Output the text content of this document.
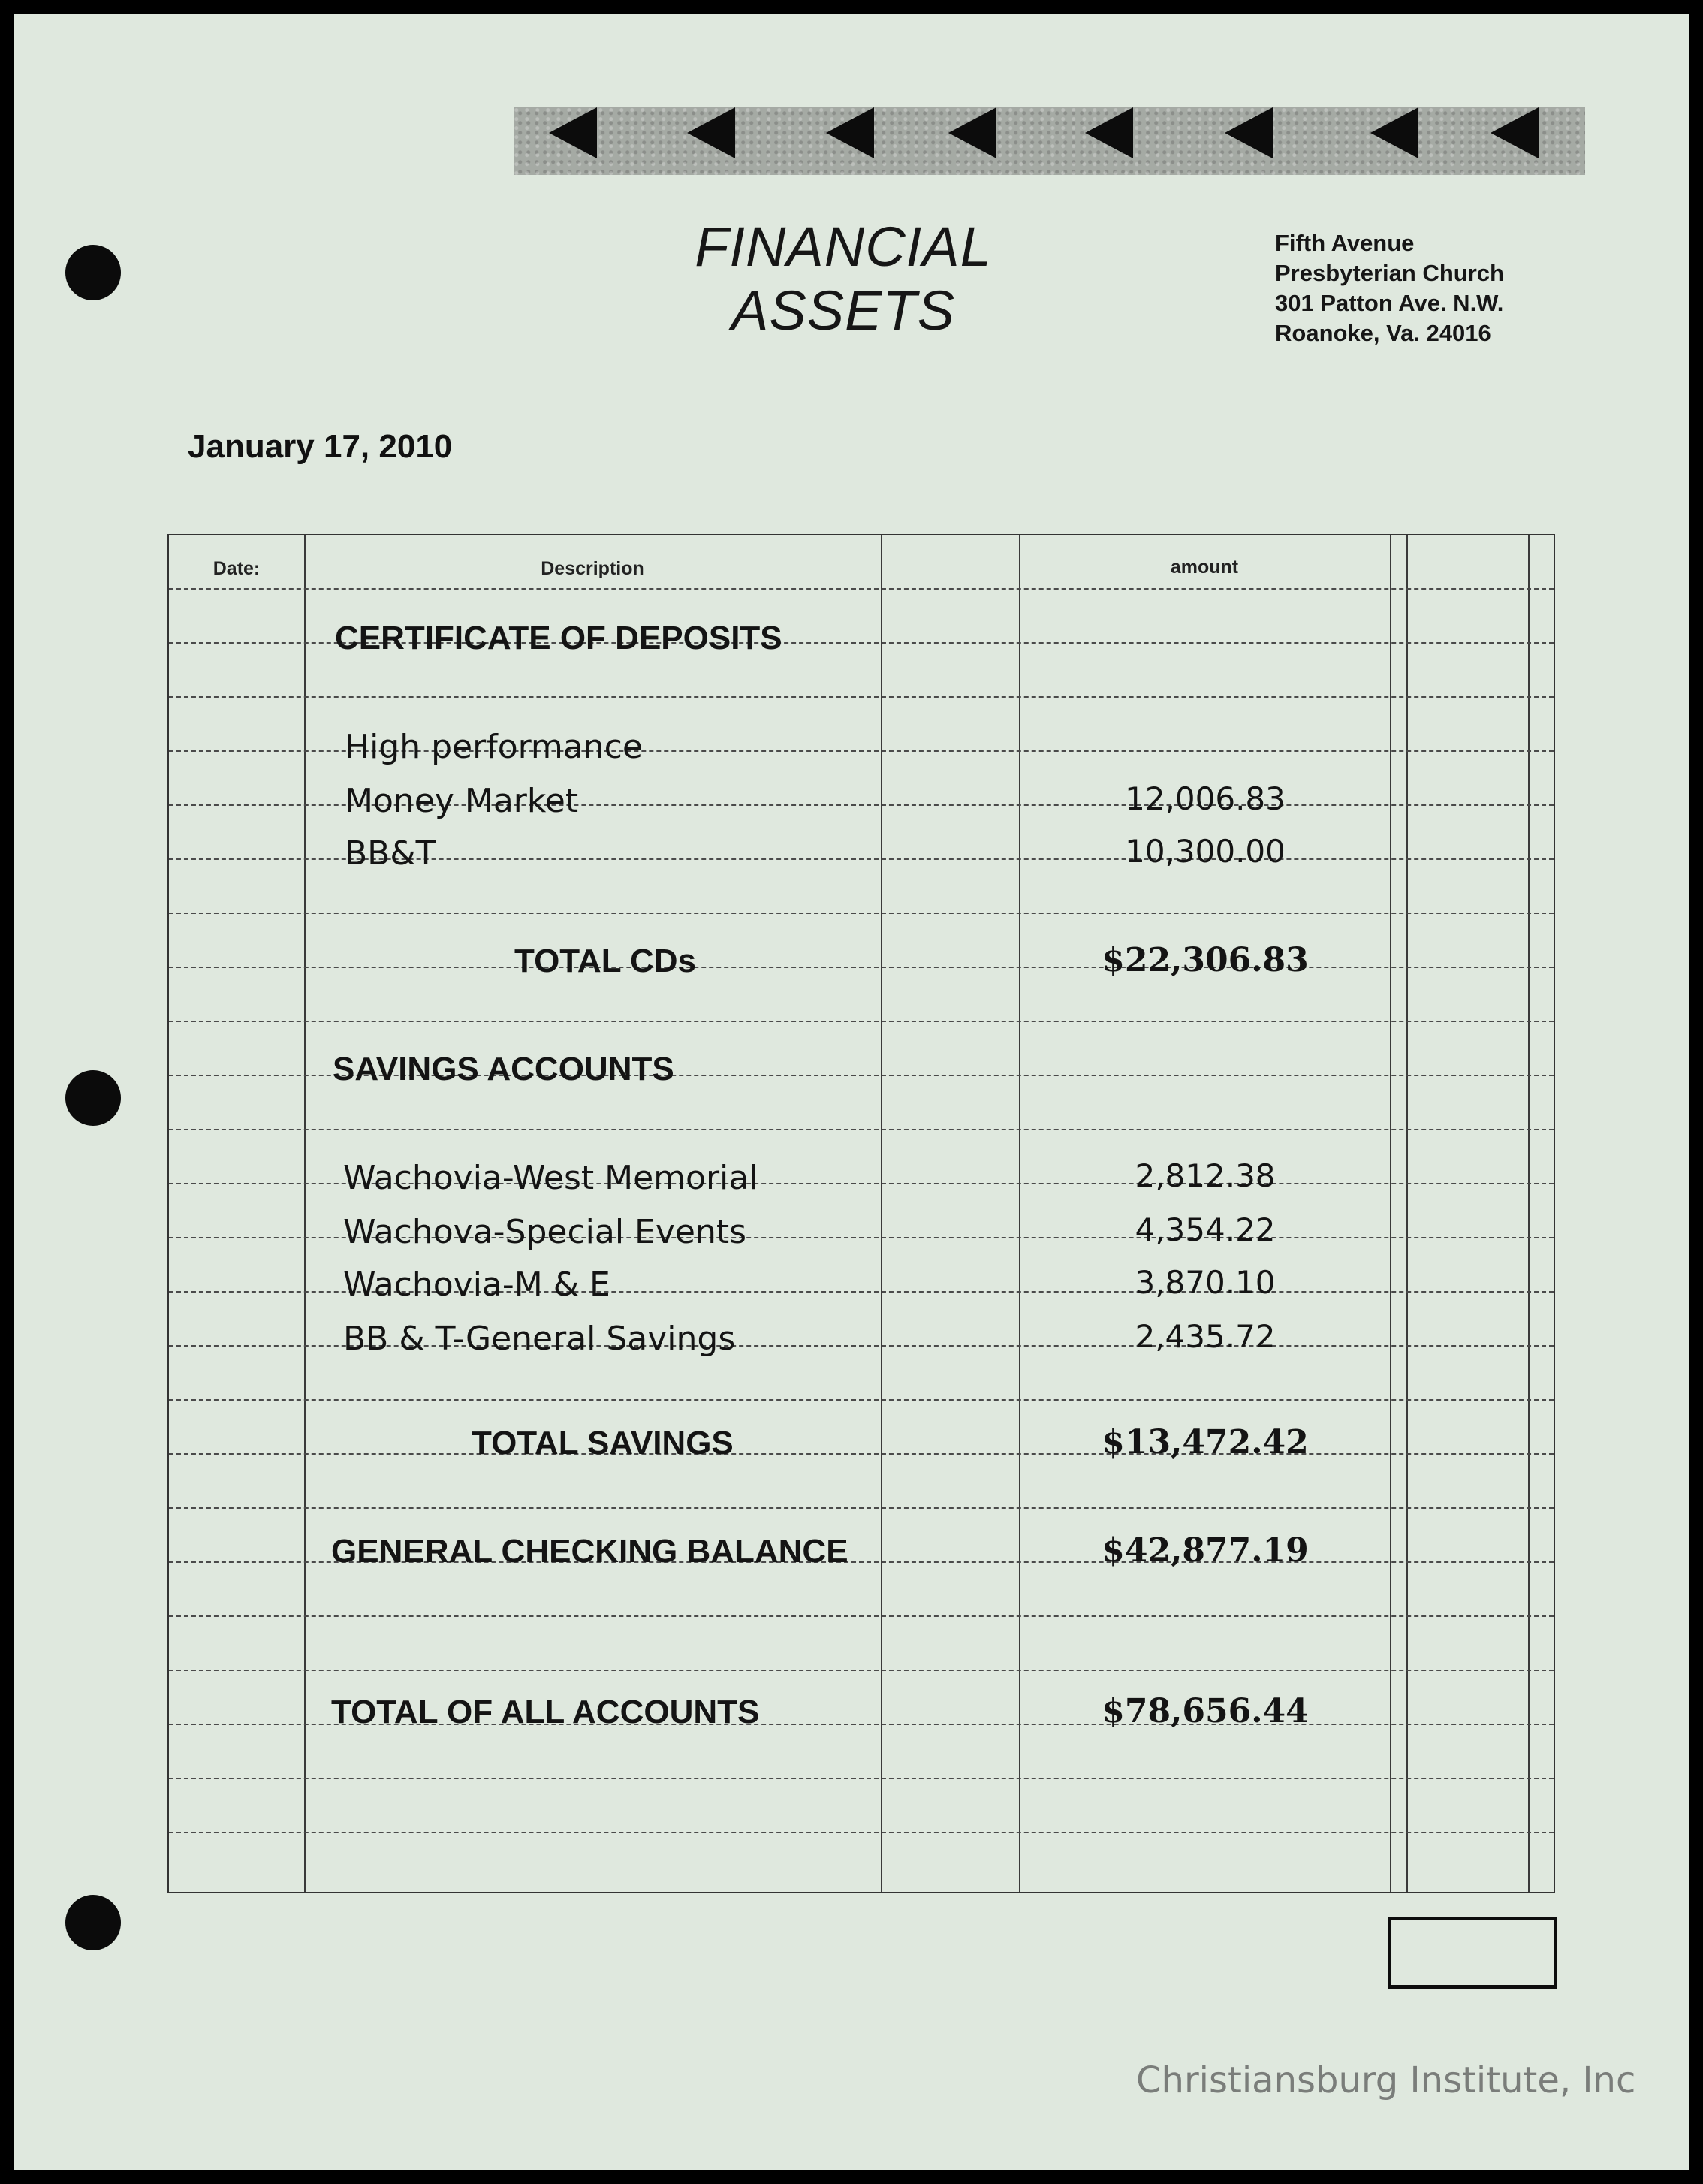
FINANCIAL ASSETS
Fifth Avenue
Presbyterian Church
301 Patton Ave. N.W.
Roanoke, Va. 24016
January 17, 2010
Date:	Description	amount
CERTIFICATE OF DEPOSITS
High performance
Money Market	12,006.83
BB&T	10,300.00
TOTAL CDs	$22,306.83
SAVINGS ACCOUNTS
Wachovia-West Memorial	2,812.38
Wachova-Special Events	4,354.22
Wachovia-M & E	3,870.10
BB & T-General Savings	2,435.72
TOTAL SAVINGS	$13,472.42
GENERAL CHECKING BALANCE	$42,877.19
TOTAL OF ALL ACCOUNTS	$78,656.44
Christiansburg Institute, Inc
